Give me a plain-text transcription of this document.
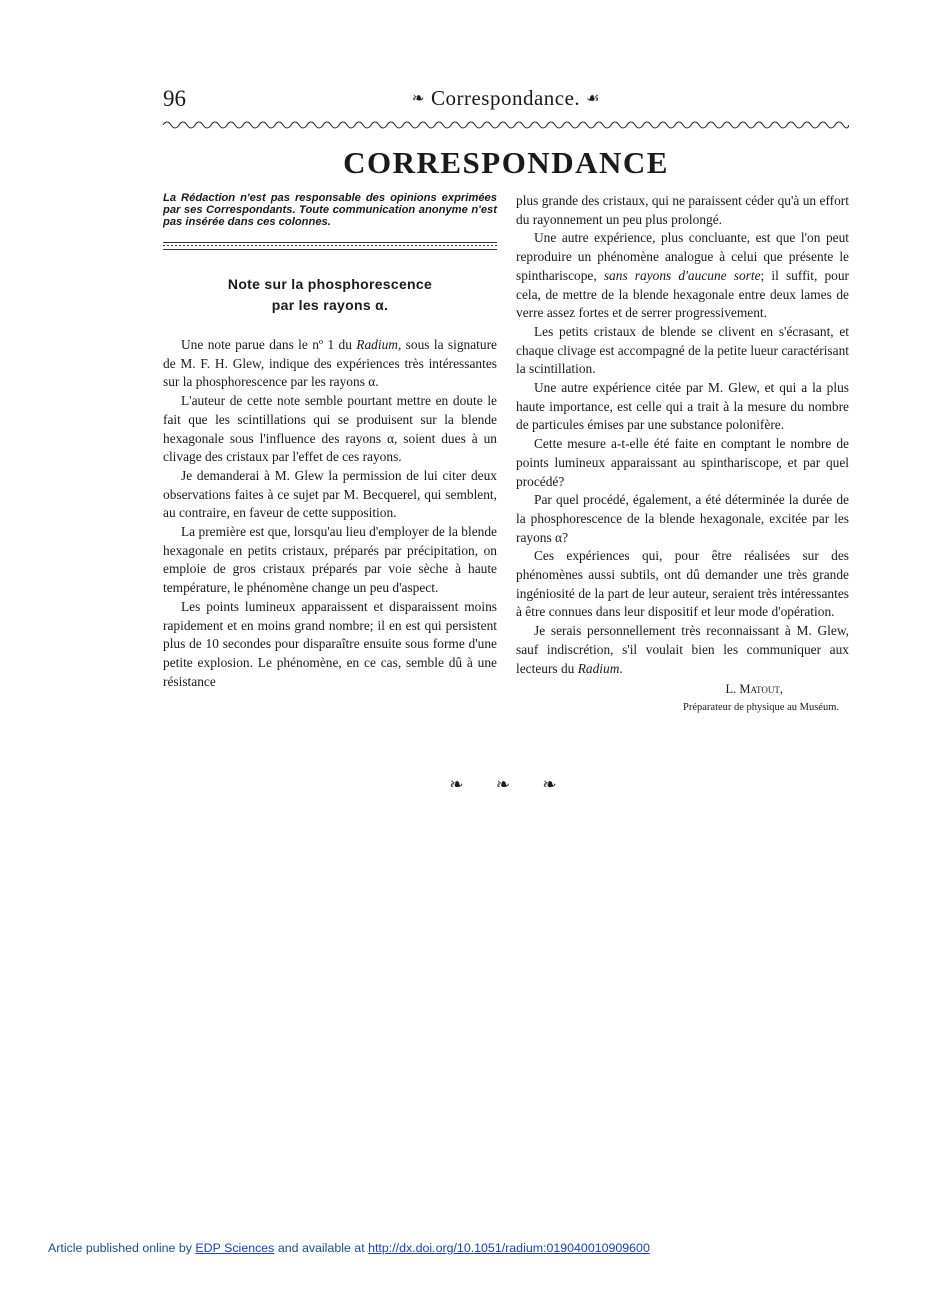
96	❧ Correspondance. ☙
CORRESPONDANCE

La Rédaction n'est pas responsable des opinions exprimées par ses Correspondants. Toute communication anonyme n'est pas insérée dans ces colonnes.

Note sur la phosphorescence
par les rayons α.

Une note parue dans le nº 1 du Radium, sous la signature de M. F. H. Glew, indique des expériences très intéressantes sur la phosphorescence par les rayons α.

L'auteur de cette note semble pourtant mettre en doute le fait que les scintillations qui se produisent sur la blende hexagonale sous l'influence des rayons α, soient dues à un clivage des cristaux par l'effet de ces rayons.

Je demanderai à M. Glew la permission de lui citer deux observations faites à ce sujet par M. Becquerel, qui semblent, au contraire, en faveur de cette supposition.

La première est que, lorsqu'au lieu d'employer de la blende hexagonale en petits cristaux, préparés par précipitation, on emploie de gros cristaux préparés par voie sèche à haute température, le phénomène change un peu d'aspect.

Les points lumineux apparaissent et disparaissent moins rapidement et en moins grand nombre; il en est qui persistent plus de 10 secondes pour disparaître ensuite sous forme d'une petite explosion. Le phénomène, en ce cas, semble dû à une résistance

plus grande des cristaux, qui ne paraissent céder qu'à un effort du rayonnement un peu plus prolongé.

Une autre expérience, plus concluante, est que l'on peut reproduire un phénomène analogue à celui que présente le spinthariscope, sans rayons d'aucune sorte; il suffit, pour cela, de mettre de la blende hexagonale entre deux lames de verre assez fortes et de serrer progressivement.

Les petits cristaux de blende se clivent en s'écrasant, et chaque clivage est accompagné de la petite lueur caractérisant la scintillation.

Une autre expérience citée par M. Glew, et qui a la plus haute importance, est celle qui a trait à la mesure du nombre de particules émises par une substance polonifère.

Cette mesure a-t-elle été faite en comptant le nombre de points lumineux apparaissant au spinthariscope, et par quel procédé?

Par quel procédé, également, a été déterminée la durée de la phosphorescence de la blende hexagonale, excitée par les rayons α?

Ces expériences qui, pour être réalisées sur des phénomènes aussi subtils, ont dû demander une très grande ingéniosité de la part de leur auteur, seraient très intéressantes à être connues dans leur dispositif et leur mode d'opération.

Je serais personnellement très reconnaissant à M. Glew, sauf indiscrétion, s'il voulait bien les communiquer aux lecteurs du Radium.

L. Matout,
Préparateur de physique au Muséum.
❧ ❧ ❧
Article published online by EDP Sciences and available at http://dx.doi.org/10.1051/radium:019040010909600
